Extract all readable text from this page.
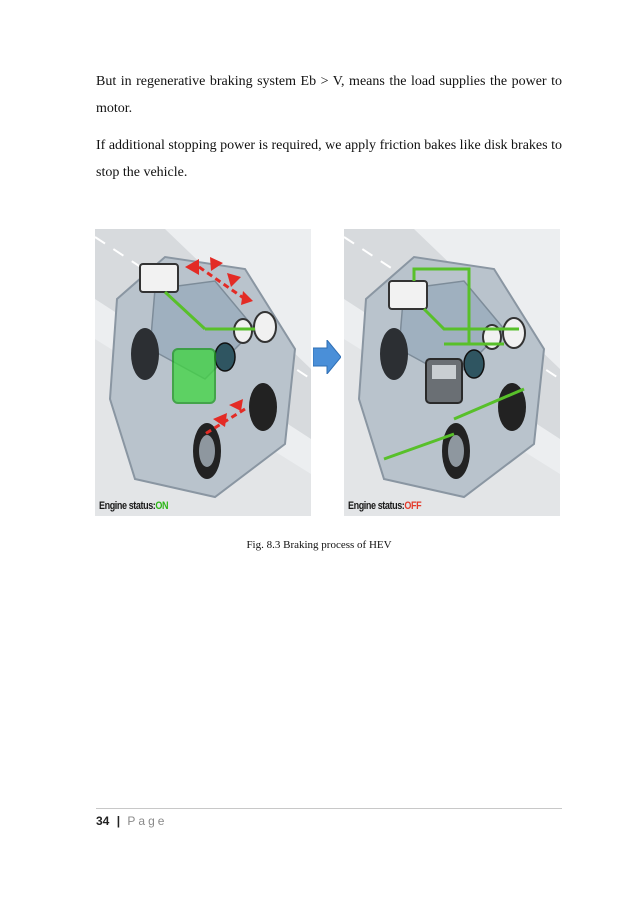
But in regenerative braking system Eb > V, means the load supplies the power to motor.

If additional stopping power is required, we apply friction bakes like disk brakes to stop the vehicle.

Engine status:ON	Engine status:OFF

Fig. 8.3 Braking process of HEV

34 | Page
